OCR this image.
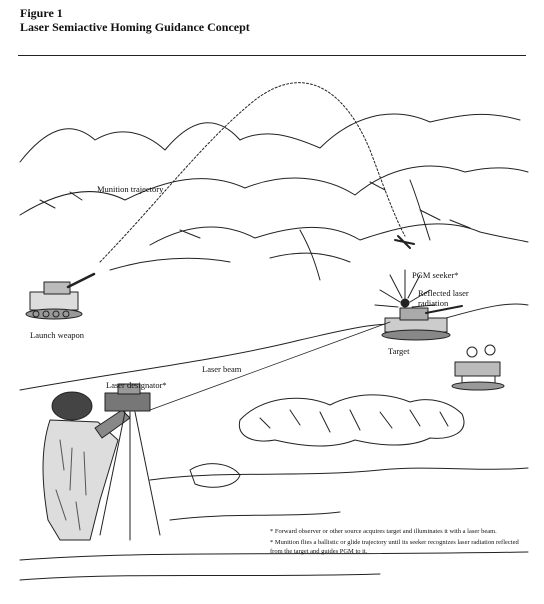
Figure 1
Laser Semiactive Homing Guidance Concept
Munition trajectory
Launch weapon
Laser designator*
Laser beam
PGM seeker*
Reflected laser radiation
Target

* Forward observer or other source acquires target and illuminates it with a laser beam.

* Munition flies a ballistic or glide trajectory until its seeker recognizes laser radiation reflected from the target and guides PGM to it.
